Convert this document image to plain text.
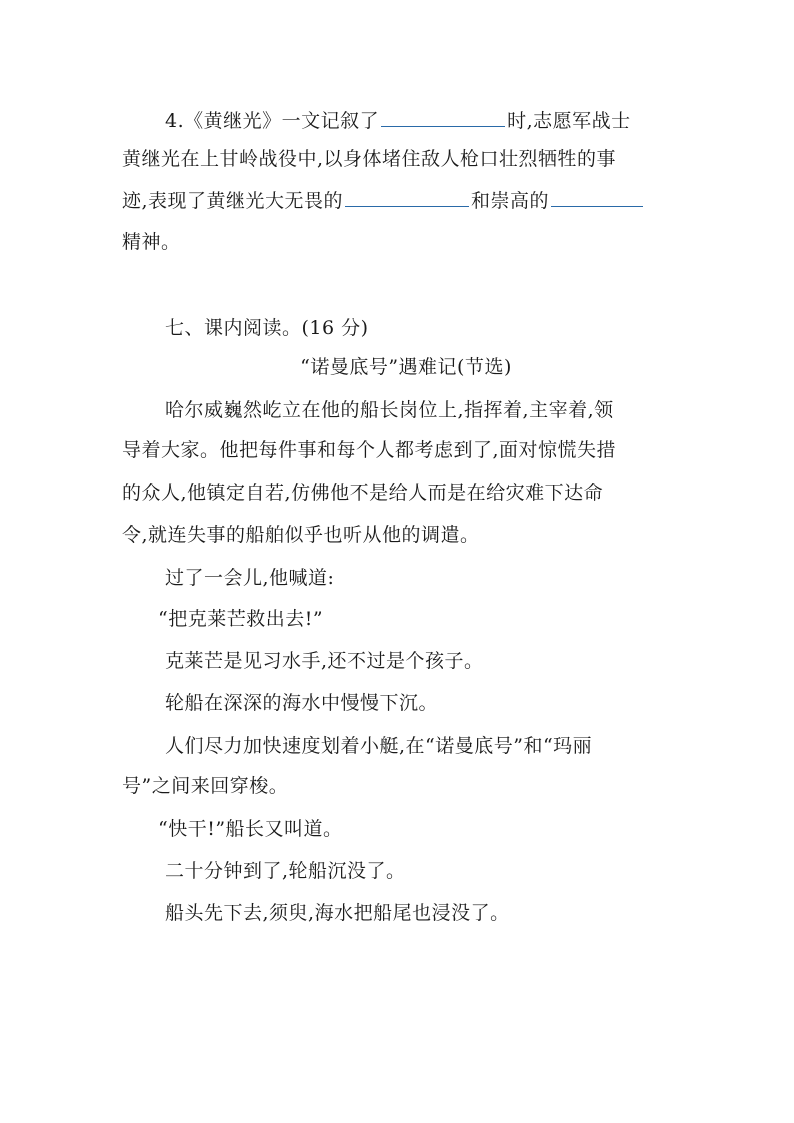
4.《黄继光》一文记叙了	时,志愿军战士
黄继光在上甘岭战役中,以身体堵住敌人枪口壮烈牺牲的事
迹,表现了黄继光大无畏的	和崇高的
精神。
七、课内阅读。(16 分)
“诺曼底号”遇难记(节选)
哈尔威巍然屹立在他的船长岗位上,指挥着,主宰着,领
导着大家。他把每件事和每个人都考虑到了,面对惊慌失措
的众人,他镇定自若,仿佛他不是给人而是在给灾难下达命
令,就连失事的船舶似乎也听从他的调遣。
过了一会儿,他喊道:
“把克莱芒救出去!”
克莱芒是见习水手,还不过是个孩子。
轮船在深深的海水中慢慢下沉。
人们尽力加快速度划着小艇,在“诺曼底号”和“玛丽
号”之间来回穿梭。
“快干!”船长又叫道。
二十分钟到了,轮船沉没了。
船头先下去,须臾,海水把船尾也浸没了。
